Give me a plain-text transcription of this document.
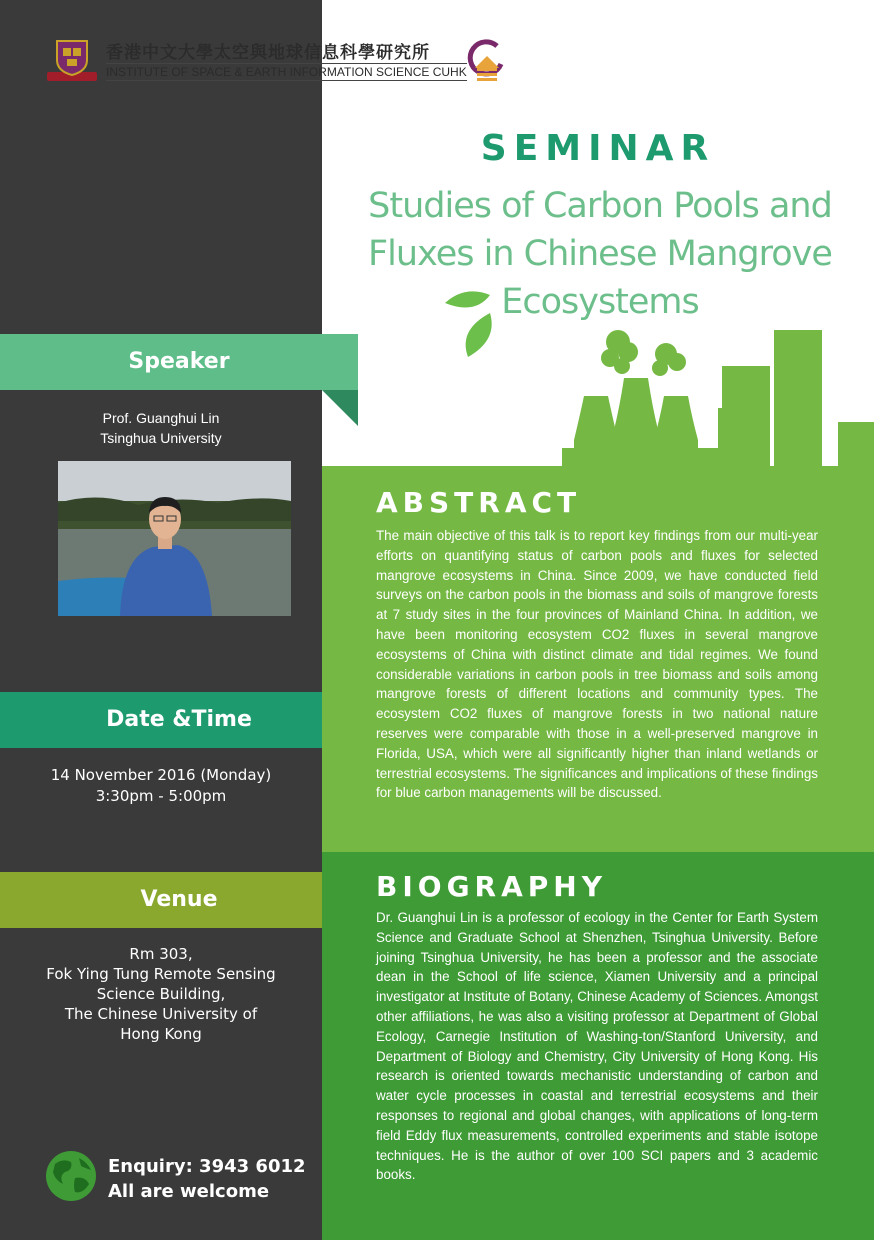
香港中文大學太空與地球信息科學研究所
INSTITUTE OF SPACE & EARTH INFORMATION SCIENCE CUHK
SEMINAR
Studies of Carbon Pools and
Fluxes in Chinese Mangrove
Ecosystems
Speaker
Prof. Guanghui Lin
Tsinghua University
Date &Time
14 November 2016 (Monday)
3:30pm - 5:00pm
Venue
Rm 303,
Fok Ying Tung Remote Sensing
Science Building,
The Chinese University of
Hong Kong
Enquiry: 3943 6012
All are welcome
ABSTRACT
The main objective of this talk is to report key findings from our multi-year efforts on quantifying status of carbon pools and fluxes for selected mangrove ecosystems in China. Since 2009, we have conducted field surveys on the carbon pools in the biomass and soils of mangrove forests at 7 study sites in the four provinces of Mainland China. In addition, we have been monitoring ecosystem CO2 fluxes in several mangrove ecosystems of China with distinct climate and tidal regimes. We found considerable variations in carbon pools in tree biomass and soils among mangrove forests of different locations and community types. The ecosystem CO2 fluxes of mangrove forests in two national nature reserves were comparable with those in a well-preserved mangrove in Florida, USA, which were all significantly higher than inland wetlands or terrestrial ecosystems. The significances and implications of these findings for blue carbon managements will be discussed.
BIOGRAPHY
Dr. Guanghui Lin is a professor of ecology in the Center for Earth System Science and Graduate School at Shenzhen, Tsinghua University. Before joining Tsinghua University, he has been a professor and the associate dean in the School of life science, Xiamen University and a principal investigator at Institute of Botany, Chinese Academy of Sciences. Amongst other affiliations, he was also a visiting professor at Department of Global Ecology, Carnegie Institution of Washing-ton/Stanford University, and Department of Biology and Chemistry, City University of Hong Kong. His research is oriented towards mechanistic understanding of carbon and water cycle processes in coastal and terrestrial ecosystems and their responses to regional and global changes, with applications of long-term field Eddy flux measurements, controlled experiments and stable isotope techniques. He is the author of over 100 SCI papers and 3 academic books.
